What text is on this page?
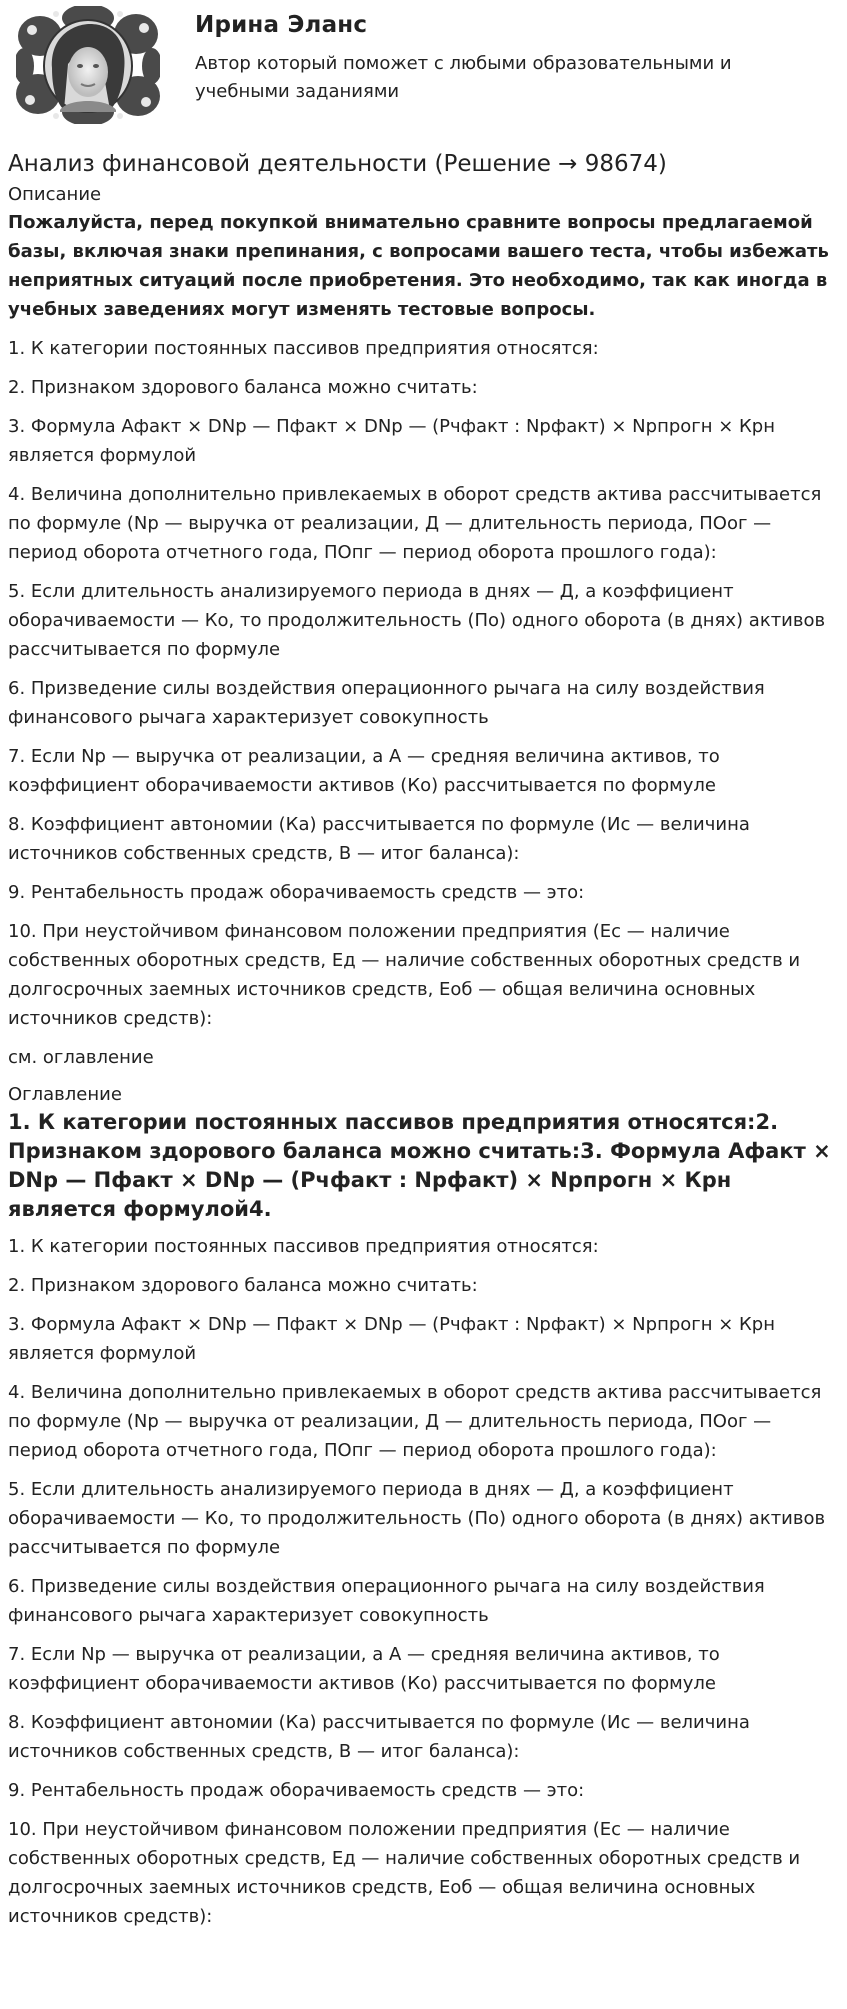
Ирина Эланс
Автор который поможет с любыми образовательными и учебными заданиями
Анализ финансовой деятельности (Решение → 98674)
Описание

Пожалуйста, перед покупкой внимательно сравните вопросы предлагаемой базы, включая знаки препинания, с вопросами вашего теста, чтобы избежать неприятных ситуаций после приобретения. Это необходимо, так как иногда в учебных заведениях могут изменять тестовые вопросы.

1. К категории постоянных пассивов предприятия относятся:

2. Признаком здорового баланса можно считать:

3. Формула Афакт × DNр — Пфакт × DNр — (Рчфакт : Nрфакт) × Nрпрогн × Крн является формулой

4. Величина дополнительно привлекаемых в оборот средств актива рассчитывается по формуле (Nр — выручка от реализации, Д — длительность периода, ПОог — период оборота отчетного года, ПОпг — период оборота прошлого года):

5. Если длительность анализируемого периода в днях — Д, а коэффициент оборачиваемости — Ко, то продолжительность (По) одного оборота (в днях) активов рассчитывается по формуле

6. Призведение силы воздействия операционного рычага на силу воздействия финансового рычага характеризует совокупность

7. Если Nр — выручка от реализации, а А — средняя величина активов, то коэффициент оборачиваемости активов (Ко) рассчитывается по формуле

8. Коэффициент автономии (Ка) рассчитывается по формуле (Ис — величина источников собственных средств, В — итог баланса):

9. Рентабельность продаж оборачиваемость средств — это:

10. При неустойчивом финансовом положении предприятия (Ес — наличие собственных оборотных средств, Ед — наличие собственных оборотных средств и долгосрочных заемных источников средств, Еоб — общая величина основных источников средств):

см. оглавление

Оглавление
1. К категории постоянных пассивов предприятия относятся:2. Признаком здорового баланса можно считать:3. Формула Афакт × DNр — Пфакт × DNр — (Рчфакт : Nрфакт) × Nрпрогн × Крн является формулой4.

1. К категории постоянных пассивов предприятия относятся:

2. Признаком здорового баланса можно считать:

3. Формула Афакт × DNр — Пфакт × DNр — (Рчфакт : Nрфакт) × Nрпрогн × Крн является формулой

4. Величина дополнительно привлекаемых в оборот средств актива рассчитывается по формуле (Nр — выручка от реализации, Д — длительность периода, ПОог — период оборота отчетного года, ПОпг — период оборота прошлого года):

5. Если длительность анализируемого периода в днях — Д, а коэффициент оборачиваемости — Ко, то продолжительность (По) одного оборота (в днях) активов рассчитывается по формуле

6. Призведение силы воздействия операционного рычага на силу воздействия финансового рычага характеризует совокупность

7. Если Nр — выручка от реализации, а А — средняя величина активов, то коэффициент оборачиваемости активов (Ко) рассчитывается по формуле

8. Коэффициент автономии (Ка) рассчитывается по формуле (Ис — величина источников собственных средств, В — итог баланса):

9. Рентабельность продаж оборачиваемость средств — это:

10. При неустойчивом финансовом положении предприятия (Ес — наличие собственных оборотных средств, Ед — наличие собственных оборотных средств и долгосрочных заемных источников средств, Еоб — общая величина основных источников средств):
